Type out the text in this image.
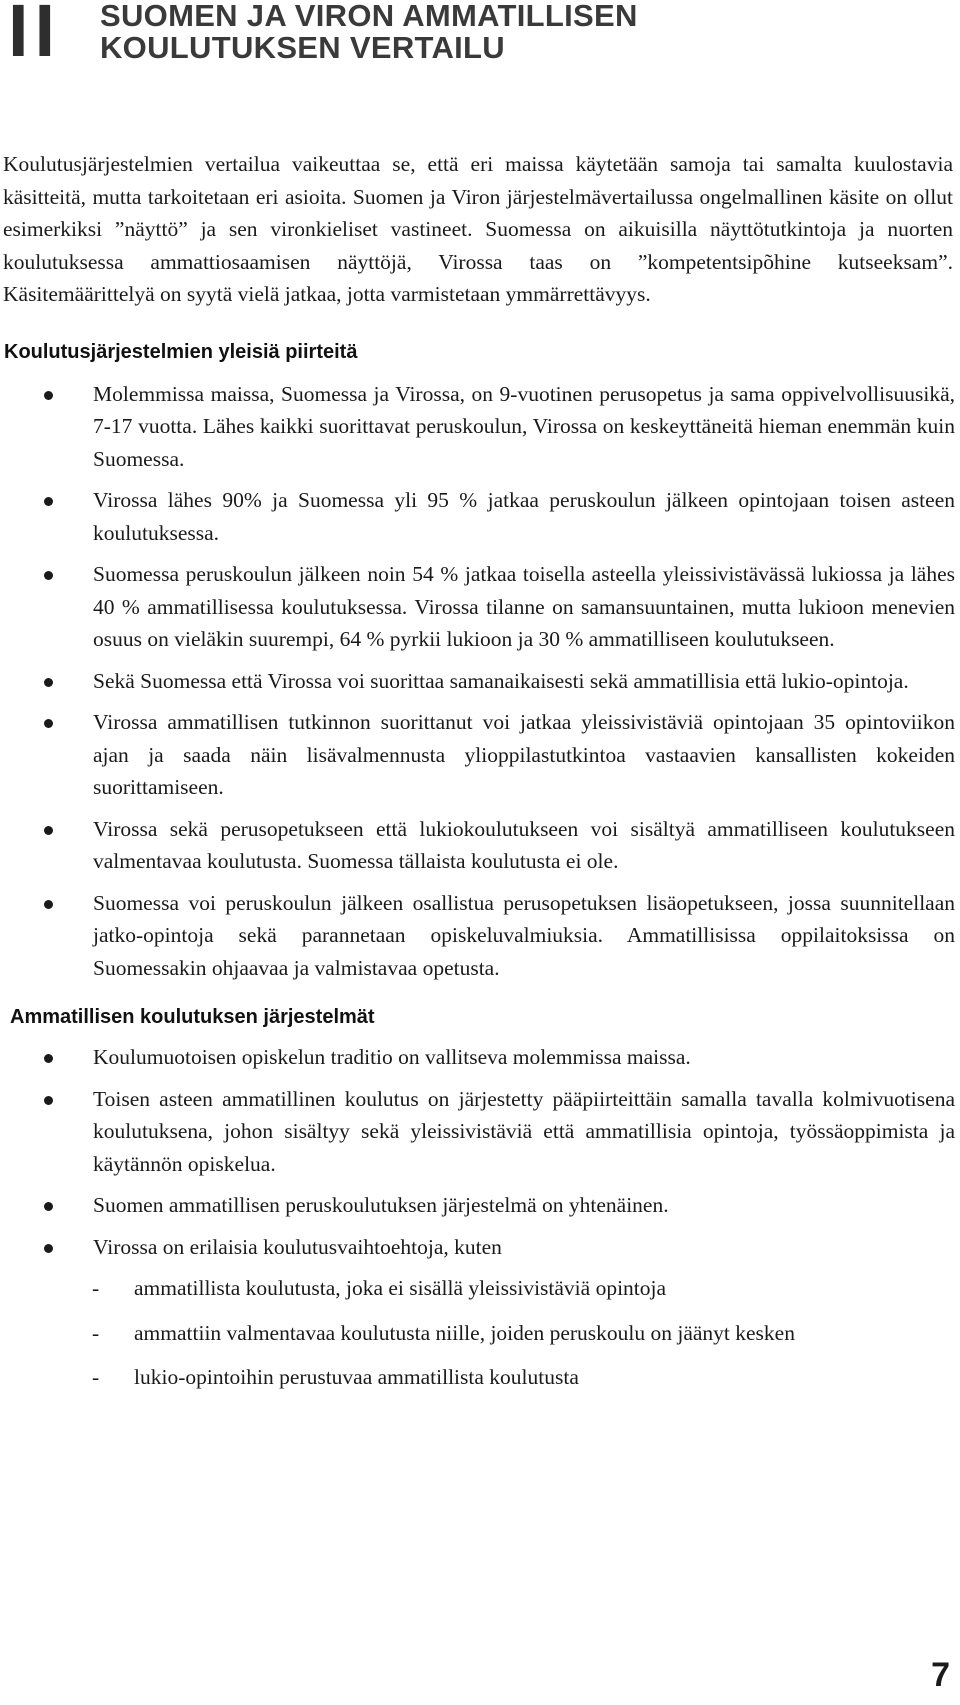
II SUOMEN JA VIRON AMMATILLISEN
KOULUTUKSEN VERTAILU

Koulutusjärjestelmien vertailua vaikeuttaa se, että eri maissa käytetään samoja tai samalta kuulostavia käsitteitä, mutta tarkoitetaan eri asioita. Suomen ja Viron järjestelmävertailussa ongelmallinen käsite on ollut esimerkiksi ”näyttö” ja sen vironkieliset vastineet. Suomessa on aikuisilla näyttötutkintoja ja nuorten koulutuksessa ammattiosaamisen näyttöjä, Virossa taas on ”kompetentsipõhine kutseeksam”. Käsitemäärittelyä on syytä vielä jatkaa, jotta varmistetaan ymmärrettävyys.

Koulutusjärjestelmien yleisiä piirteitä
Molemmissa maissa, Suomessa ja Virossa, on 9-vuotinen perusopetus ja sama oppivelvollisuusikä, 7-17 vuotta. Lähes kaikki suorittavat peruskoulun, Virossa on keskeyttäneitä hieman enemmän kuin Suomessa.
Virossa lähes 90% ja Suomessa yli 95 % jatkaa peruskoulun jälkeen opintojaan toisen asteen koulutuksessa.
Suomessa peruskoulun jälkeen noin 54 % jatkaa toisella asteella yleissivistävässä lukiossa ja lähes 40 % ammatillisessa koulutuksessa. Virossa tilanne on samansuuntainen, mutta lukioon menevien osuus on vieläkin suurempi, 64 % pyrkii lukioon ja 30 % ammatilliseen koulutukseen.
Sekä Suomessa että Virossa voi suorittaa samanaikaisesti sekä ammatillisia että lukio-opintoja.
Virossa ammatillisen tutkinnon suorittanut voi jatkaa yleissivistäviä opintojaan 35 opintoviikon ajan ja saada näin lisävalmennusta ylioppilastutkintoa vastaavien kansallisten kokeiden suorittamiseen.
Virossa sekä perusopetukseen että lukiokoulutukseen voi sisältyä ammatilliseen koulutukseen valmentavaa koulutusta. Suomessa tällaista koulutusta ei ole.
Suomessa voi peruskoulun jälkeen osallistua perusopetuksen lisäopetukseen, jossa suunnitellaan jatko-opintoja sekä parannetaan opiskeluvalmiuksia. Ammatillisissa oppilaitoksissa on Suomessakin ohjaavaa ja valmistavaa opetusta.
Ammatillisen koulutuksen järjestelmät
Koulumuotoisen opiskelun traditio on vallitseva molemmissa maissa.
Toisen asteen ammatillinen koulutus on järjestetty pääpiirteittäin samalla tavalla kolmivuotisena koulutuksena, johon sisältyy sekä yleissivistäviä että ammatillisia opintoja, työssäoppimista ja käytännön opiskelua.
Suomen ammatillisen peruskoulutuksen järjestelmä on yhtenäinen.
Virossa on erilaisia koulutusvaihtoehtoja, kuten
- ammatillista koulutusta, joka ei sisällä yleissivistäviä opintoja
- ammattiin valmentavaa koulutusta niille, joiden peruskoulu on jäänyt kesken
- lukio-opintoihin perustuvaa ammatillista koulutusta
7
